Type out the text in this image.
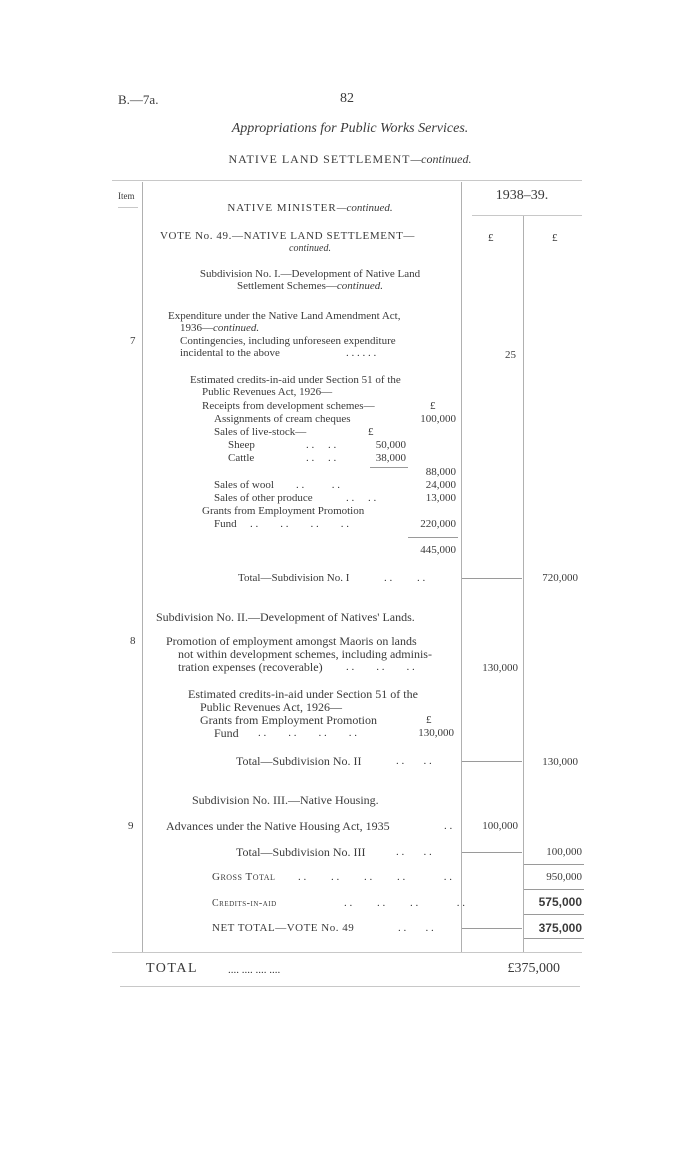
B.—7a.	82
Appropriations for Public Works Services.
NATIVE LAND SETTLEMENT—continued.
Item	1938–39.
NATIVE MINISTER—continued.
VOTE No. 49.—NATIVE LAND SETTLEMENT—
continued.
£	£
Subdivision No. I.—Development of Native Land
Settlement Schemes—continued.
Expenditure under the Native Land Amendment Act,
1936—continued.
7	Contingencies, including unforeseen expenditure
incidental to the above	. . . . . .	25
Estimated credits-in-aid under Section 51 of the
Public Revenues Act, 1926—
Receipts from development schemes—	£
Assignments of cream cheques	100,000
Sales of live-stock—	£
Sheep	. .     . .	50,000
Cattle	. .     . .	38,000
88,000
Sales of wool . .          . .	24,000
Sales of other produce	. .     . .	13,000
Grants from Employment Promotion
Fund . .        . .        . .        . .	220,000
445,000
Total—Subdivision No. I	. .         . .	720,000
Subdivision No. II.—Development of Natives' Lands.
8	Promotion of employment amongst Maoris on lands
not within development schemes, including adminis-
tration expenses (recoverable) . .        . .        . .	130,000
Estimated credits-in-aid under Section 51 of the
Public Revenues Act, 1926—
Grants from Employment Promotion	£
Fund . .        . .        . .        . .	130,000
Total—Subdivision No. II	. .       . .	130,000
Subdivision No. III.—Native Housing.
9	Advances under the Native Housing Act, 1935	. .	100,000
Total—Subdivision No. III	. .       . .	100,000
Gross Total . .         . .         . .         . .              . .	950,000
Credits-in-aid	. .         . .         . .              . .	575,000
NET TOTAL—VOTE No. 49	. .       . .	375,000
TOTAL	.... .... .... ....	£375,000
